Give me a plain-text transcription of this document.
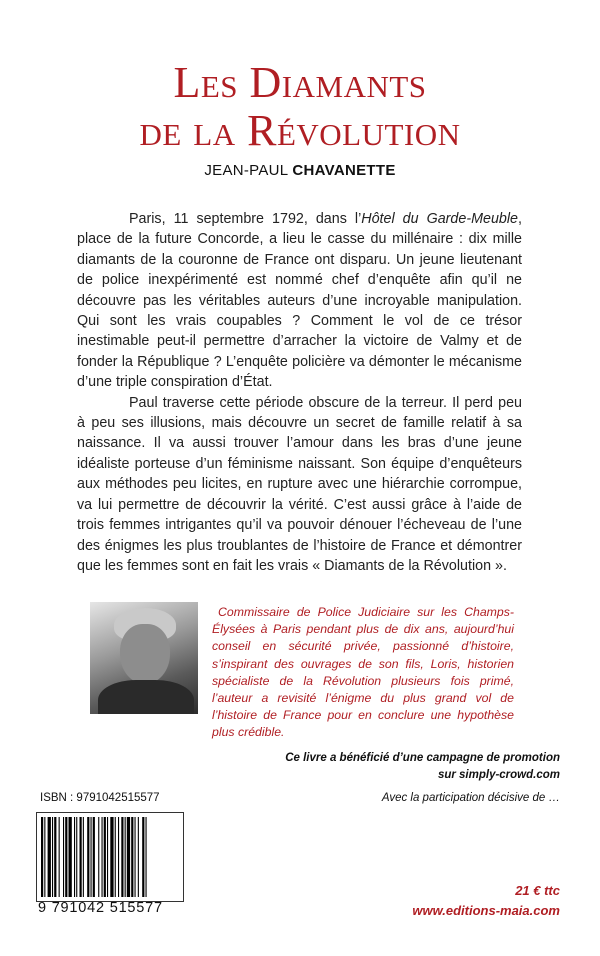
Les Diamants
de la Révolution
JEAN-PAUL CHAVANETTE

Paris, 11 septembre 1792, dans l’Hôtel du Garde-Meuble, place de la future Concorde, a lieu le casse du millénaire : dix mille diamants de la couronne de France ont disparu. Un jeune lieutenant de police inexpérimenté est nommé chef d’enquête afin qu’il ne découvre pas les véritables auteurs d’une incroyable manipulation. Qui sont les vrais coupables ? Comment le vol de ce trésor inestimable peut-il permettre d’arracher la victoire de Valmy et de fonder la République ? L’enquête policière va démonter le mécanisme d’une triple conspiration d’État.

Paul traverse cette période obscure de la terreur. Il perd peu à peu ses illusions, mais découvre un secret de famille relatif à sa naissance. Il va aussi trouver l’amour dans les bras d’une jeune idéaliste porteuse d’un féminisme naissant. Son équipe d’enquêteurs aux méthodes peu licites, en rupture avec une hiérarchie corrompue, va lui permettre de découvrir la vérité. C’est aussi grâce à l’aide de trois femmes intrigantes qu’il va pouvoir dénouer l’écheveau de l’une des énigmes les plus troublantes de l’histoire de France et démontrer que les femmes sont en fait les vrais « Diamants de la Révolution ».

Commissaire de Police Judiciaire sur les Champs-Élysées à Paris pendant plus de dix ans, aujourd’hui conseil en sécurité privée, passionné d’histoire, s’inspirant des ouvrages de son fils, Loris, historien spécialiste de la Révolution plusieurs fois primé, l’auteur a revisité l’énigme du plus grand vol de l’histoire de France pour en conclure une hypothèse plus crédible.
Ce livre a bénéficié d’une campagne de promotion
sur simply-crowd.com
Avec la participation décisive de …
ISBN : 9791042515577
9 791042 515577
21 € ttc
www.editions-maia.com
